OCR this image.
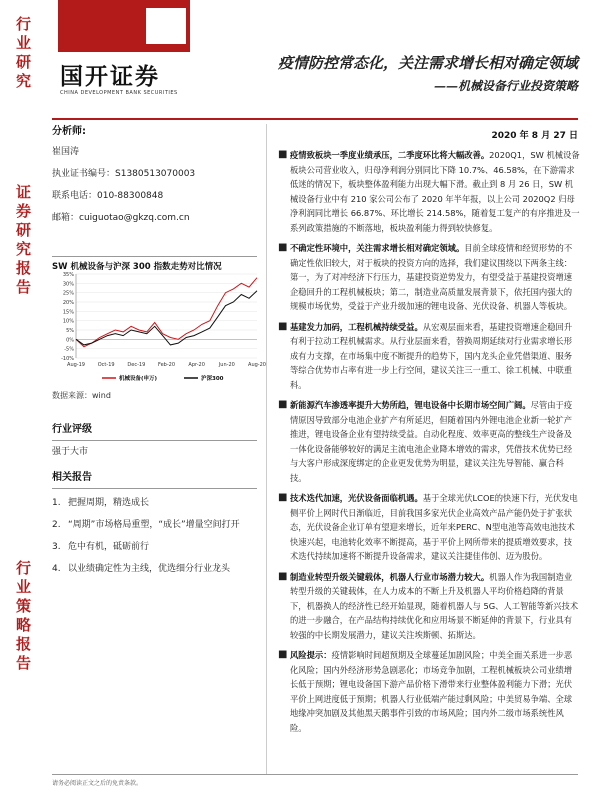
行业研究
证券研究报告
行业策略报告
国开证券
CHINA DEVELOPMENT BANK SECURITIES
疫情防控常态化，关注需求增长相对确定领域
——机械设备行业投资策略
分析师:
崔国涛
执业证书编号：S1380513070003
联系电话：010-88300848
邮箱：cuiguotao@gkzq.com.cn
SW 机械设备与沪深 300 指数走势对比情况
-10%
-5%
0%
5%
10%
15%
20%
25%
30%
35%
Aug-19	Oct-19	Dec-19	Feb-20	Apr-20	Jun-20	Aug-20
机械设备(申万)	沪深300
数据来源：wind
行业评级
强于大市
相关报告
1. 把握周期，精选成长
2. “周期”市场格局重塑，“成长”增量空间打开
3. 危中有机，砥砺前行
4. 以业绩确定性为主线，优选细分行业龙头
2020 年 8 月 27 日
■ 疫情致板块一季度业绩承压，二季度环比将大幅改善。2020Q1，SW 机械设备板块公司营业收入，归母净利润分别同比下降 10.7%、46.58%，在下游需求低迷的情况下，板块整体盈利能力出现大幅下滑。截止到 8 月 26 日，SW 机械设备行业中有 210 家公司公布了 2020 年半年报，以上公司 2020Q2 归母净利润同比增长 66.87%、环比增长 214.58%，随着复工复产的有序推进及一系列政策措施的不断落地，板块盈利能力得到较快修复。
■ 不确定性环境中，关注需求增长相对确定领域。目前全球疫情和经贸形势的不确定性依旧较大，对于板块的投资方向的选择，我们建议围绕以下两条主线：第一，为了对冲经济下行压力，基建投资逆势发力，有望受益于基建投资增速企稳回升的工程机械板块；第二，制造业高质量发展背景下，依托国内强大的规模市场优势，受益于产业升级加速的锂电设备、光伏设备、机器人等板块。
■ 基建发力加码，工程机械持续受益。从宏观层面来看，基建投资增速企稳回升有利于拉动工程机械需求。从行业层面来看，替换周期延续对行业需求增长形成有力支撑，在市场集中度不断提升的趋势下，国内龙头企业凭借渠道、服务等综合优势市占率有进一步上行空间，建议关注三一重工、徐工机械、中联重科。
■ 新能源汽车渗透率提升大势所趋，锂电设备中长期市场空间广阔。尽管由于疫情原因导致部分电池企业扩产有所延迟，但随着国内外锂电池企业新一轮扩产推进，锂电设备企业有望持续受益。自动化程度、效率更高的整线生产设备及一体化设备能够较好的满足主流电池企业降本增效的需求，凭借技术优势已经与大客户形成深度绑定的企业更发优势为明显，建议关注先导智能、赢合科技。
■ 技术迭代加速，光伏设备面临机遇。基于全球光伏LCOE的快速下行，光伏发电侧平价上网时代日渐临近，目前我国多家光伏企业高效产品产能仍处于扩张状态，光伏设备企业订单有望迎来增长，近年来PERC、N型电池等高效电池技术快速兴起，电池转化效率不断提高，基于平价上网所带来的提质增效要求，技术迭代持续加速将不断提升设备需求，建议关注捷佳伟创、迈为股份。
■ 制造业转型升级关键载体，机器人行业市场潜力较大。机器人作为我国制造业转型升级的关键载体，在人力成本的不断上升及机器人平均价格趋降的背景下，机器换人的经济性已经开始显现，随着机器人与 5G、人工智能等新兴技术的进一步融合，在产品结构持续优化和应用场景不断延伸的背景下，行业具有较强的中长期发展潜力，建议关注埃斯顿、拓斯达。
■ 风险提示：疫情影响时间超预期及全球蔓延加剧风险；中美全面关系进一步恶化风险；国内外经济形势急剧恶化；市场竞争加剧，工程机械板块公司业绩增长低于预期；锂电设备国下游产品价格下滑带来行业整体盈利能力下滑；光伏平价上网进度低于预期；机器人行业低端产能过剩风险；中美贸易争端、全球地缘冲突加剧及其他黑天鹅事件引致的市场风险；国内外二级市场系统性风险。
请务必阅读正文之后的免责条款。
